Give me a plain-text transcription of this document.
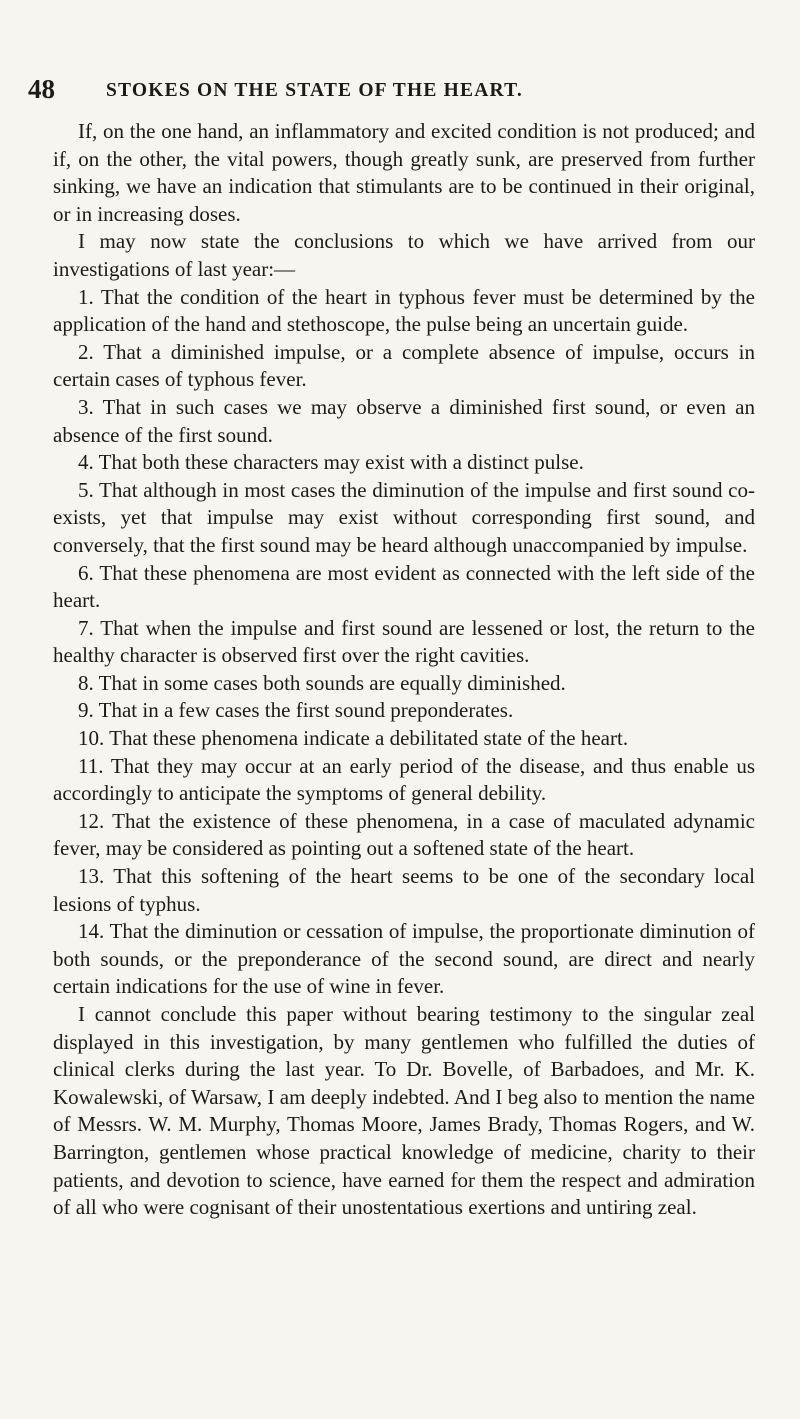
48	STOKES ON THE STATE OF THE HEART.

If, on the one hand, an inflammatory and excited condition is not produced; and if, on the other, the vital powers, though greatly sunk, are preserved from further sinking, we have an indication that stimulants are to be continued in their original, or in increasing doses.

I may now state the conclusions to which we have arrived from our investigations of last year:—

1. That the condition of the heart in typhous fever must be determined by the application of the hand and stethoscope, the pulse being an uncertain guide.

2. That a diminished impulse, or a complete absence of impulse, occurs in certain cases of typhous fever.

3. That in such cases we may observe a diminished first sound, or even an absence of the first sound.

4. That both these characters may exist with a distinct pulse.

5. That although in most cases the diminution of the impulse and first sound co-exists, yet that impulse may exist without corresponding first sound, and conversely, that the first sound may be heard although unaccompanied by impulse.

6. That these phenomena are most evident as connected with the left side of the heart.

7. That when the impulse and first sound are lessened or lost, the return to the healthy character is observed first over the right cavities.

8. That in some cases both sounds are equally diminished.

9. That in a few cases the first sound preponderates.

10. That these phenomena indicate a debilitated state of the heart.

11. That they may occur at an early period of the disease, and thus enable us accordingly to anticipate the symptoms of general debility.

12. That the existence of these phenomena, in a case of maculated adynamic fever, may be considered as pointing out a softened state of the heart.

13. That this softening of the heart seems to be one of the secondary local lesions of typhus.

14. That the diminution or cessation of impulse, the proportionate diminution of both sounds, or the preponderance of the second sound, are direct and nearly certain indications for the use of wine in fever.

I cannot conclude this paper without bearing testimony to the singular zeal displayed in this investigation, by many gentlemen who fulfilled the duties of clinical clerks during the last year. To Dr. Bovelle, of Barbadoes, and Mr. K. Kowalewski, of Warsaw, I am deeply indebted. And I beg also to mention the name of Messrs. W. M. Murphy, Thomas Moore, James Brady, Thomas Rogers, and W. Barrington, gentlemen whose practical knowledge of medicine, charity to their patients, and devotion to science, have earned for them the respect and admiration of all who were cognisant of their unostentatious exertions and untiring zeal.
